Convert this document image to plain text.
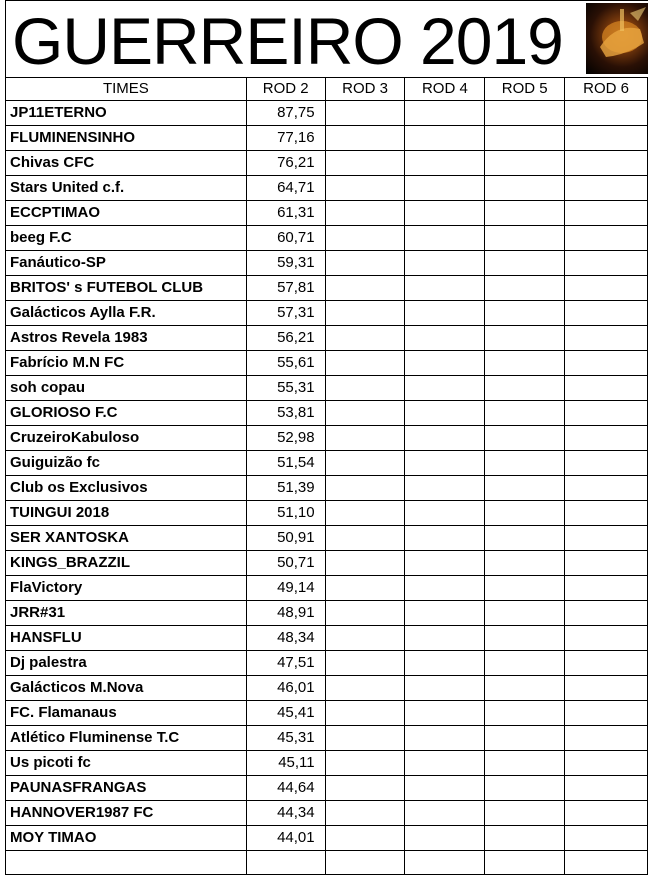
GUERREIRO 2019
TIMES	ROD 2	ROD 3	ROD 4	ROD 5	ROD 6
JP11ETERNO	87,75				
FLUMINENSINHO	77,16				
Chivas CFC	76,21				
Stars United c.f.	64,71				
ECCPTIMAO	61,31				
beeg F.C	60,71				
Fanáutico-SP	59,31				
BRITOS' s FUTEBOL CLUB	57,81				
Galácticos Aylla F.R.	57,31				
Astros Revela 1983	56,21				
Fabrício M.N FC	55,61				
soh copau	55,31				
GLORIOSO F.C	53,81				
CruzeiroKabuloso	52,98				
Guiguizão fc	51,54				
Club os Exclusivos	51,39				
TUINGUI 2018	51,10				
SER XANTOSKA	50,91				
KINGS_BRAZZIL	50,71				
FlaVictory	49,14				
JRR#31	48,91				
HANSFLU	48,34				
Dj palestra	47,51				
Galácticos M.Nova	46,01				
FC. Flamanaus	45,41				
Atlético Fluminense T.C	45,31				
Us picoti fc	45,11				
PAUNASFRANGAS	44,64				
HANNOVER1987 FC	44,34				
MOY TIMAO	44,01				
